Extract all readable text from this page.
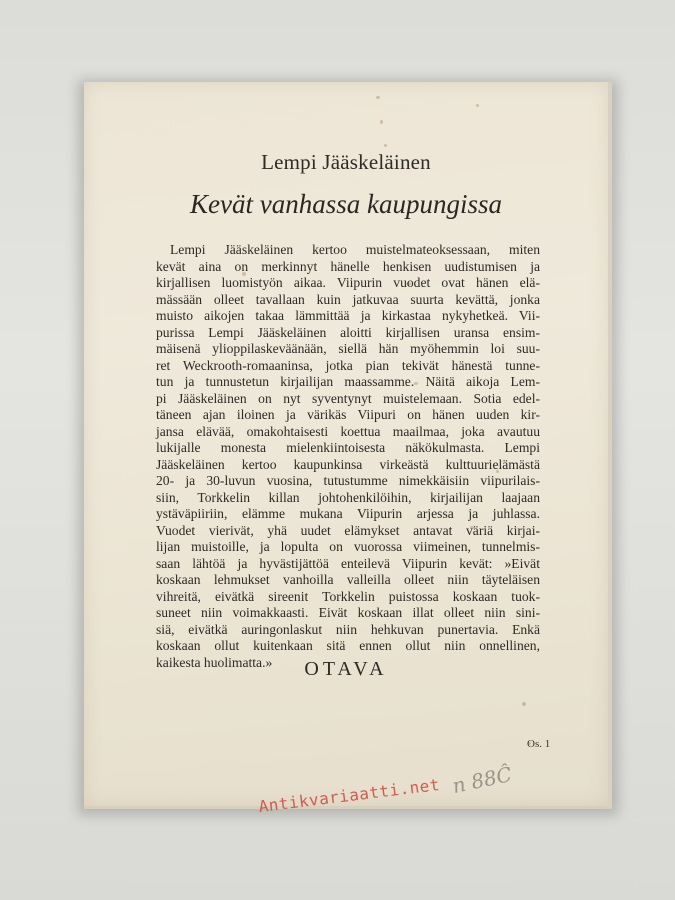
Lempi Jääskeläinen
Kevät vanhassa kaupungissa

Lempi Jääskeläinen kertoo muistelmateoksessaan, miten
kevät aina on merkinnyt hänelle henkisen uudistumisen ja
kirjallisen luomistyön aikaa. Viipurin vuodet ovat hänen elä-
mässään olleet tavallaan kuin jatkuvaa suurta kevättä, jonka
muisto aikojen takaa lämmittää ja kirkastaa nykyhetkeä. Vii-
purissa Lempi Jääskeläinen aloitti kirjallisen uransa ensim-
mäisenä ylioppilaskeväänään, siellä hän myöhemmin loi suu-
ret Weckrooth-romaaninsa, jotka pian tekivät hänestä tunne-
tun ja tunnustetun kirjailijan maassamme. Näitä aikoja Lem-
pi Jääskeläinen on nyt syventynyt muistelemaan. Sotia edel-
täneen ajan iloinen ja värikäs Viipuri on hänen uuden kir-
jansa elävää, omakohtaisesti koettua maailmaa, joka avautuu
lukijalle monesta mielenkiintoisesta näkökulmasta. Lempi
Jääskeläinen kertoo kaupunkinsa virkeästä kulttuurielämästä
20- ja 30-luvun vuosina, tutustumme nimekkäisiin viipurilais-
siin, Torkkelin killan johtohenkilöihin, kirjailijan laajaan
ystäväpiiriin, elämme mukana Viipurin arjessa ja juhlassa.
Vuodet vierivät, yhä uudet elämykset antavat väriä kirjai-
lijan muistoille, ja lopulta on vuorossa viimeinen, tunnelmis-
saan lähtöä ja hyvästijättöä enteilevä Viipurin kevät: »Eivät
koskaan lehmukset vanhoilla valleilla olleet niin täyteläisen
vihreitä, eivätkä sireenit Torkkelin puistossa koskaan tuok-
suneet niin voimakkaasti. Eivät koskaan illat olleet niin sini-
siä, eivätkä auringonlaskut niin hehkuvan punertavia. Enkä
koskaan ollut kuitenkaan sitä ennen ollut niin onnellinen,
kaikesta huolimatta.»	OTAVA
Os. 1
n 88Ĉ

Antikvariaatti.net
